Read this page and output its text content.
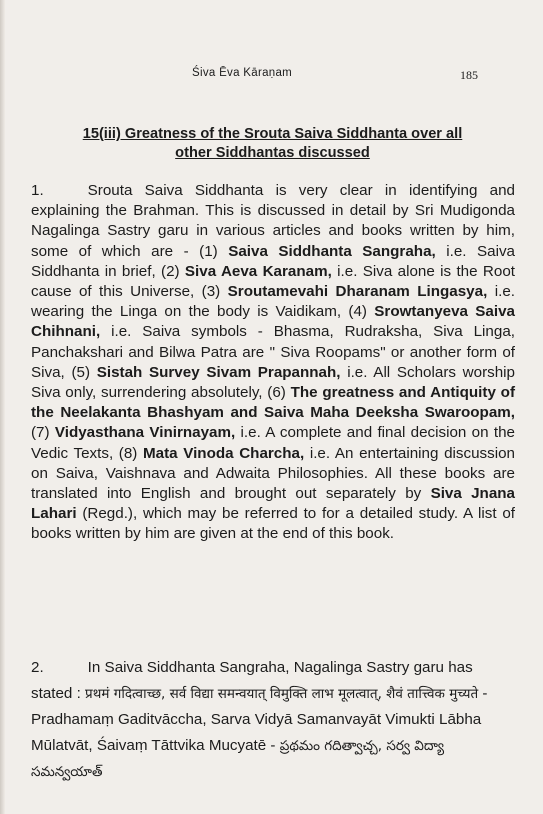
Śiva Ēva Kāraṇam	185
15(iii) Greatness of the Srouta Saiva Siddhanta over all
other Siddhantas discussed

1.	Srouta Saiva Siddhanta is very clear in identifying and explaining the Brahman. This is discussed in detail by Sri Mudigonda Nagalinga Sastry garu in various articles and books written by him, some of which are - (1) Saiva Siddhanta Sangraha, i.e. Saiva Siddhanta in brief, (2) Siva Aeva Karanam, i.e. Siva alone is the Root cause of this Universe, (3) Sroutamevahi Dharanam Lingasya, i.e. wearing the Linga on the body is Vaidikam, (4) Srowtanyeva Saiva Chihnani, i.e. Saiva symbols - Bhasma, Rudraksha, Siva Linga, Panchakshari and Bilwa Patra are " Siva Roopams" or another form of Siva, (5) Sistah Survey Sivam Prapannah, i.e. All Scholars worship Siva only, surrendering absolutely, (6) The greatness and Antiquity of the Neelakanta Bhashyam and Saiva Maha Deeksha Swaroopam, (7) Vidyasthana Vinirnayam, i.e. A complete and final decision on the Vedic Texts, (8) Mata Vinoda Charcha, i.e. An entertaining discussion on Saiva, Vaishnava and Adwaita Philosophies. All these books are translated into English and brought out separately by Siva Jnana Lahari (Regd.), which may be referred to for a detailed study. A list of books written by him are given at the end of this book.

2.	In Saiva Siddhanta Sangraha, Nagalinga Sastry garu has stated : प्रथमं गदित्वाच्छ, सर्व विद्या समन्वयात् विमुक्ति लाभ मूलत्वात्, शैवं तात्त्विक मुच्यते - Pradhamaṃ Gaditvāccha, Sarva Vidyā Samanvayāt Vimukti Lābha Mūlatvāt, Śaivaṃ Tāttvika Mucyatē - ప్రథమం గదిత్వాచ్చ, సర్వ విద్యా సమన్వయాత్
